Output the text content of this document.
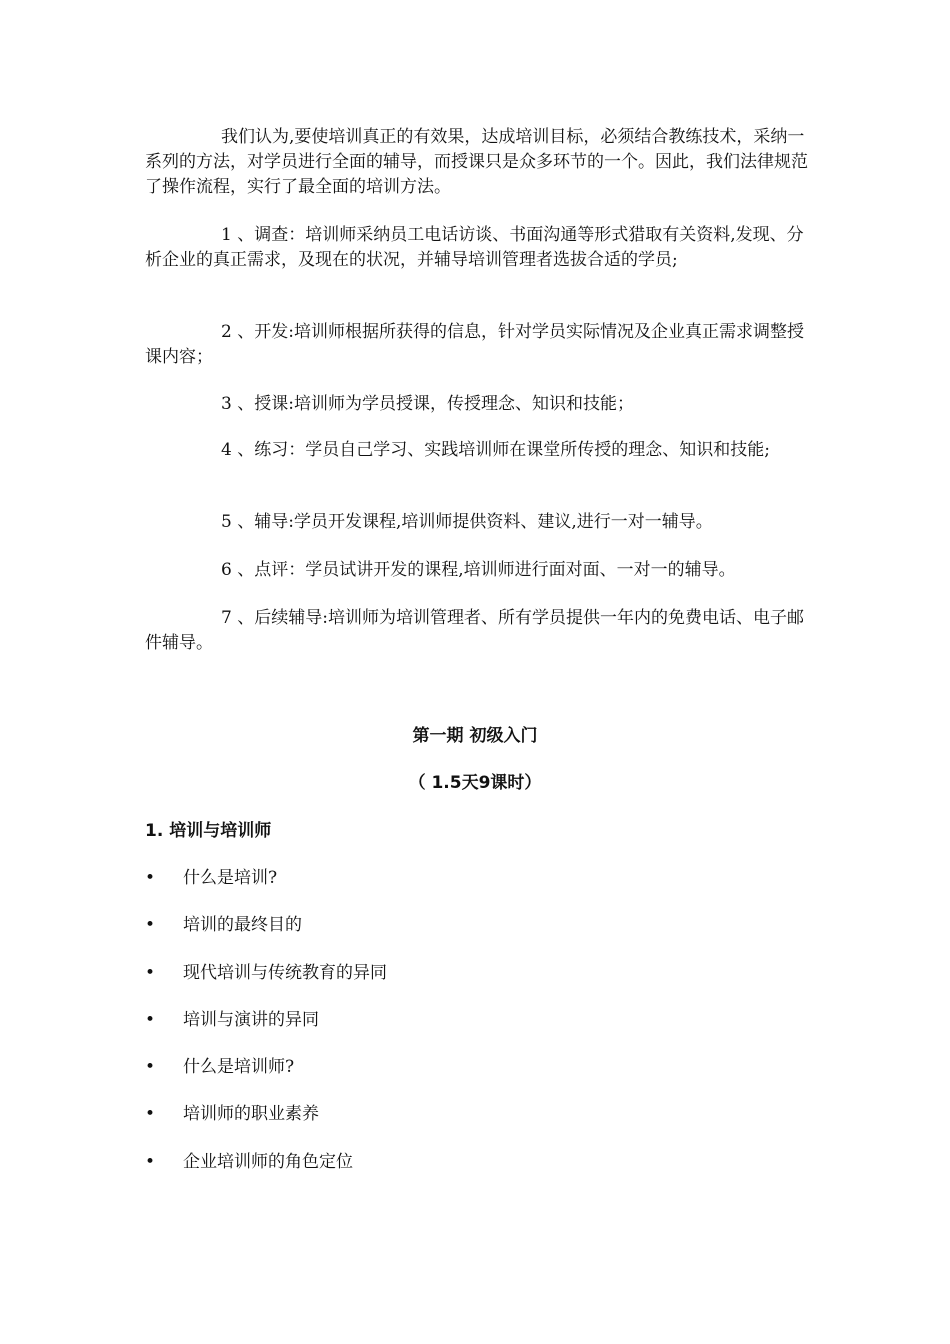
我们认为,要使培训真正的有效果，达成培训目标，必须结合教练技术，采纳一系列的方法，对学员进行全面的辅导，而授课只是众多环节的一个。因此，我们法律规范了操作流程，实行了最全面的培训方法。

1 、调查：培训师采纳员工电话访谈、书面沟通等形式猎取有关资料,发现、分析企业的真正需求，及现在的状况，并辅导培训管理者选拔合适的学员;

2 、开发:培训师根据所获得的信息，针对学员实际情况及企业真正需求调整授课内容；

3 、授课:培训师为学员授课，传授理念、知识和技能；

4 、练习：学员自己学习、实践培训师在课堂所传授的理念、知识和技能;

5 、辅导:学员开发课程,培训师提供资料、建议,进行一对一辅导。

6 、点评：学员试讲开发的课程,培训师进行面对面、一对一的辅导。

7 、后续辅导:培训师为培训管理者、所有学员提供一年内的免费电话、电子邮件辅导。

第一期 初级入门

（ 1.5天9课时）

1. 培训与培训师

• 什么是培训?

• 培训的最终目的

• 现代培训与传统教育的异同

• 培训与演讲的异同

• 什么是培训师?

• 培训师的职业素养

• 企业培训师的角色定位
